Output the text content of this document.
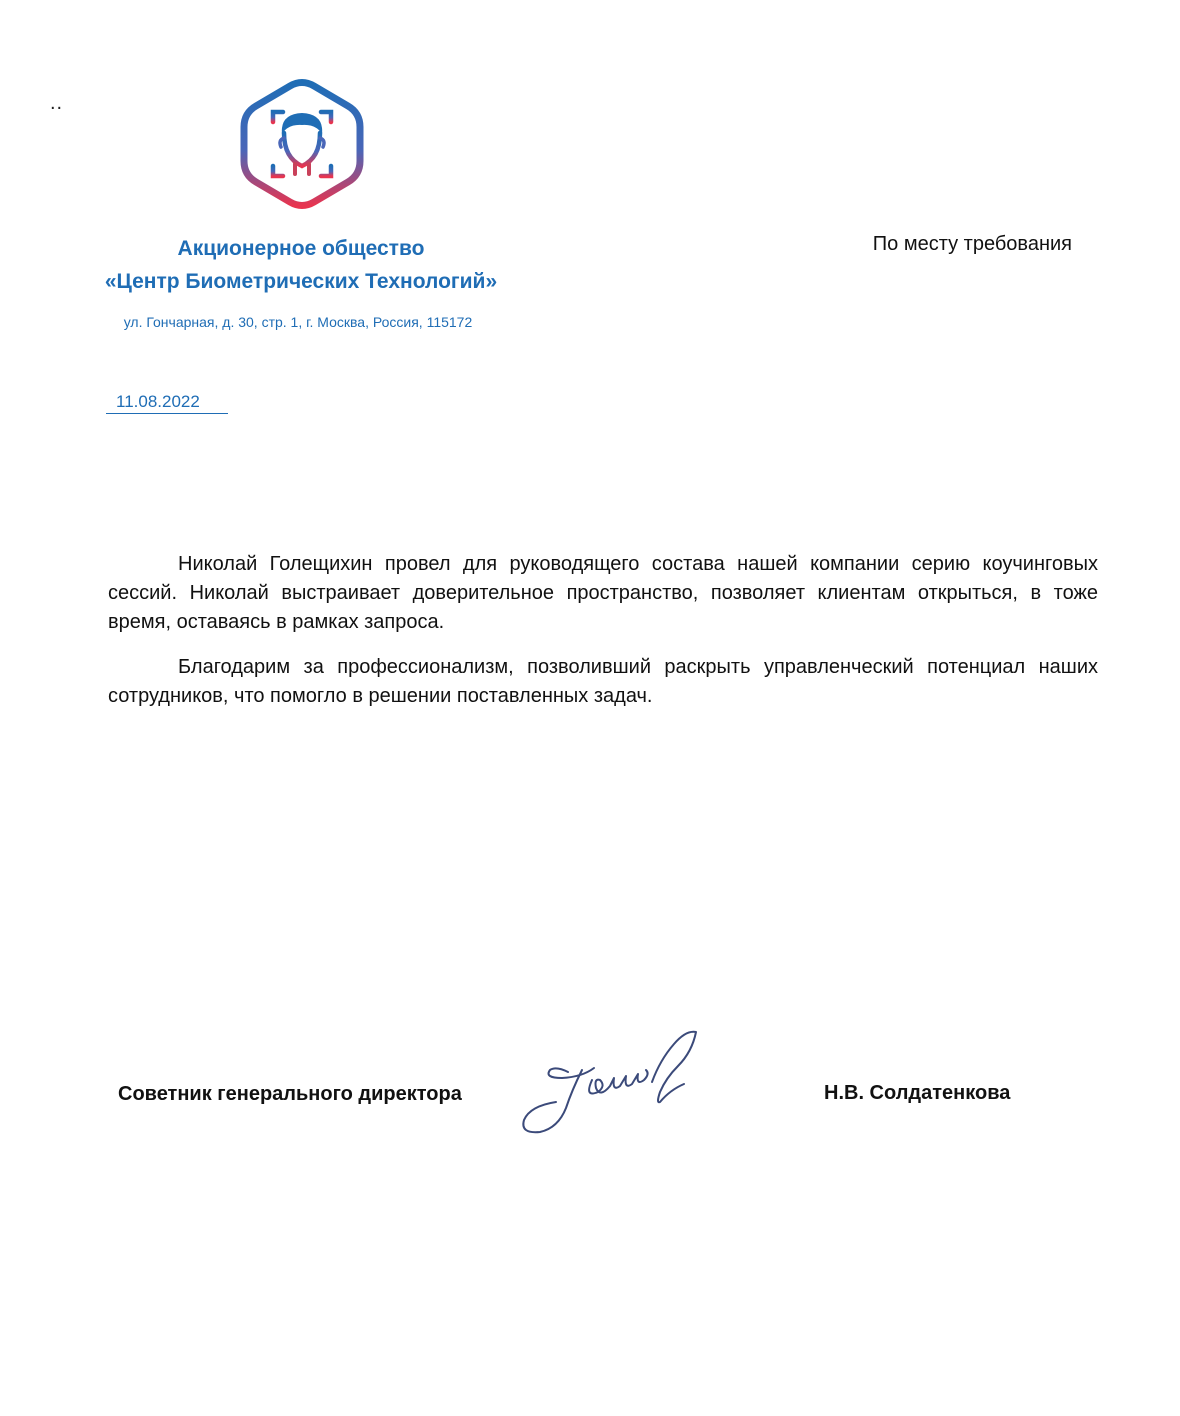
..
Акционерное общество
«Центр Биометрических Технологий»
ул. Гончарная, д. 30, стр. 1, г. Москва, Россия, 115172
По месту требования
11.08.2022

Николай Голещихин провел для руководящего состава нашей компании серию коучинговых сессий. Николай выстраивает доверительное пространство, позволяет клиентам открыться, в тоже время, оставаясь в рамках запроса.

Благодарим за профессионализм, позволивший раскрыть управленческий потенциал наших сотрудников, что помогло в решении поставленных задач.

Советник генерального директора	Н.В. Солдатенкова
